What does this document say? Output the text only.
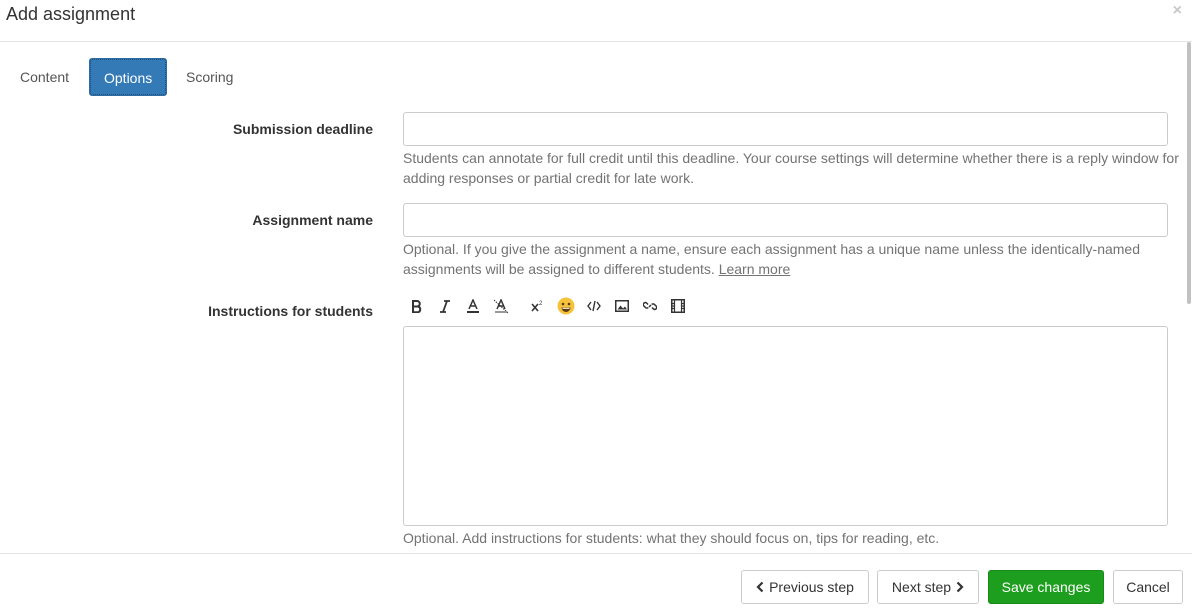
Add assignment	×
Content	Options	Scoring
Submission deadline
Students can annotate for full credit until this deadline. Your course settings will determine whether there is a reply window for adding responses or partial credit for late work.
Assignment name
Optional. If you give the assignment a name, ensure each assignment has a unique name unless the identically-named assignments will be assigned to different students. Learn more
Instructions for students	2
Optional. Add instructions for students: what they should focus on, tips for reading, etc.
Previous step	Next step	Save changes	Cancel
